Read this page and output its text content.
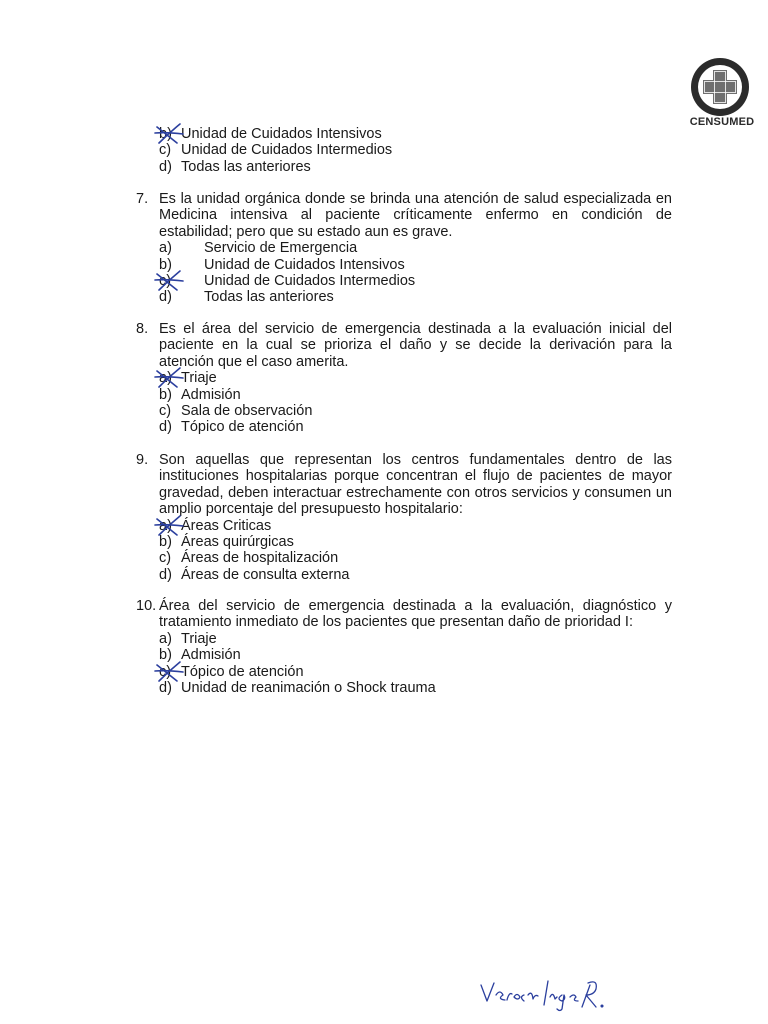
CENSUMED
b) Unidad de Cuidados Intensivos
c) Unidad de Cuidados Intermedios
d) Todas las anteriores
7. Es la unidad orgánica donde se brinda una atención de salud especializada en Medicina intensiva al paciente críticamente enfermo en condición de estabilidad; pero que su estado aun es grave.
a)	Servicio de Emergencia
b)	Unidad de Cuidados Intensivos
c)	Unidad de Cuidados Intermedios
d)	Todas las anteriores
8. Es el área del servicio de emergencia destinada a la evaluación inicial del paciente en la cual se prioriza el daño y se decide la derivación para la atención que el caso amerita.
a) Triaje
b) Admisión
c) Sala de observación
d) Tópico de atención
9. Son aquellas que representan los centros fundamentales dentro de las instituciones hospitalarias porque concentran el flujo de pacientes de mayor gravedad, deben interactuar estrechamente con otros servicios y consumen un amplio porcentaje del presupuesto hospitalario:
a) Áreas Criticas
b) Áreas quirúrgicas
c) Áreas de hospitalización
d) Áreas de consulta externa
10. Área del servicio de emergencia destinada a la evaluación, diagnóstico y tratamiento inmediato de los pacientes que presentan daño de prioridad I:
a) Triaje
b) Admisión
c) Tópico de atención
d) Unidad de reanimación o Shock trauma
